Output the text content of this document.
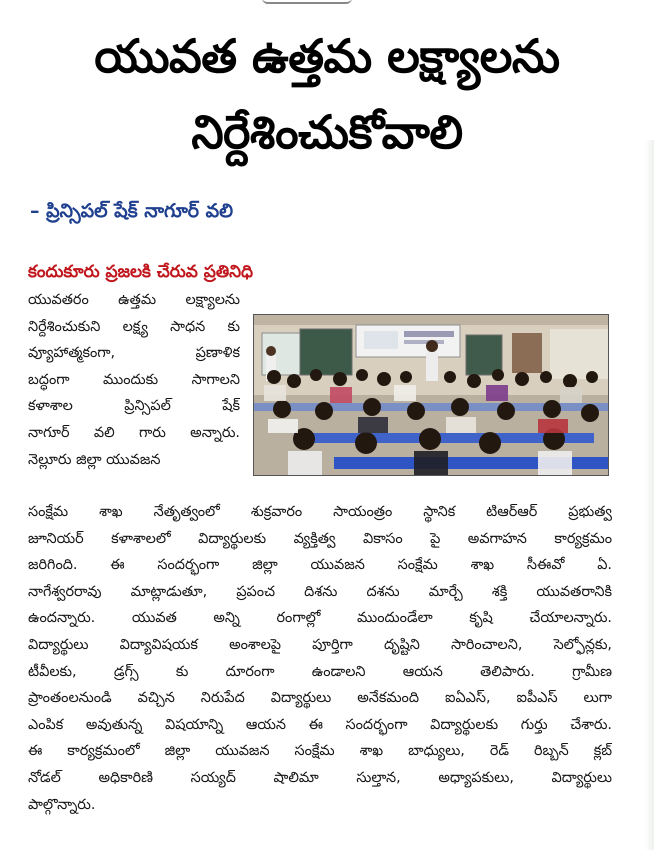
యువత ఉత్తమ లక్ష్యాలను
నిర్దేశించుకోవాలి
– ప్రిన్సిపల్ షేక్ నాగూర్ వలి
కందుకూరు ప్రజలకి చేరువ ప్రతినిధి
యువతరం ఉత్తమ లక్ష్యాలను
నిర్దేశించుకుని లక్ష్య సాధన కు
వ్యూహాత్మకంగా, ప్రణాళిక
బద్ధంగా ముందుకు సాగాలని
కళాశాల ప్రిన్సిపల్ షేక్
నాగూర్ వలి గారు అన్నారు.
నెల్లూరు జిల్లా యువజన
సంక్షేమ శాఖ నేతృత్వంలో శుక్రవారం సాయంత్రం స్థానిక టిఆర్ఆర్ ప్రభుత్వ
జూనియర్ కళాశాలలో విద్యార్థులకు వ్యక్తిత్వ వికాసం పై అవగాహన కార్యక్రమం
జరిగింది. ఈ సందర్భంగా జిల్లా యువజన సంక్షేమ శాఖ సీఈవో ఏ.
నాగేశ్వరరావు మాట్లాడుతూ, ప్రపంచ దిశను దశను మార్చే శక్తి యువతరానికి
ఉందన్నారు. యువత అన్ని రంగాల్లో ముందుండేలా కృషి చేయాలన్నారు.
విద్యార్థులు విద్యావిషయక అంశాలపై పూర్తిగా దృష్టిని సారించాలని, సెల్ఫోన్లకు,
టీవీలకు, డ్రగ్స్ కు దూరంగా ఉండాలని ఆయన తెలిపారు. గ్రామీణ
ప్రాంతంలనుండి వచ్చిన నిరుపేద విద్యార్థులు అనేకమంది ఐఏఎస్, ఐపీఎస్ లుగా
ఎంపిక అవుతున్న విషయాన్ని ఆయన ఈ సందర్భంగా విద్యార్థులకు గుర్తు చేశారు.
ఈ కార్యక్రమంలో జిల్లా యువజన సంక్షేమ శాఖ బాధ్యులు, రెడ్ రిబ్బన్ క్లబ్
నోడల్ అధికారిణి సయ్యద్ షాలిమా సుల్తాన, అధ్యాపకులు, విద్యార్థులు
పాల్గొన్నారు.
